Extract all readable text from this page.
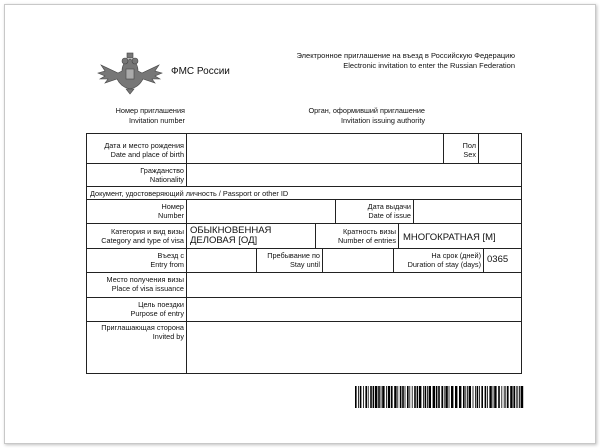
ФМС России
Электронное приглашение на въезд в Российскую Федерацию
Electronic invitation to enter the Russian Federation
Номер приглашения
Invitation number
Орган, оформивший приглашение
Invitation issuing authority
Дата и место рождения
Date and place of birth
Пол
Sex
Гражданство
Nationality
Документ, удостоверяющий личность / Passport or other ID
Номер
Number
Дата выдачи
Date of issue
Категория и вид визы
Category and type of visa
ОБЫКНОВЕННАЯ ДЕЛОВАЯ [ОД]
Кратность визы
Number of entries МНОГОКРАТНАЯ [М]
Въезд с
Entry from
Пребывание по
Stay until
На срок (дней)
Duration of stay (days) 0365
Место получения визы
Place of visa issuance
Цель поездки
Purpose of entry
Приглашающая сторона
Invited by
